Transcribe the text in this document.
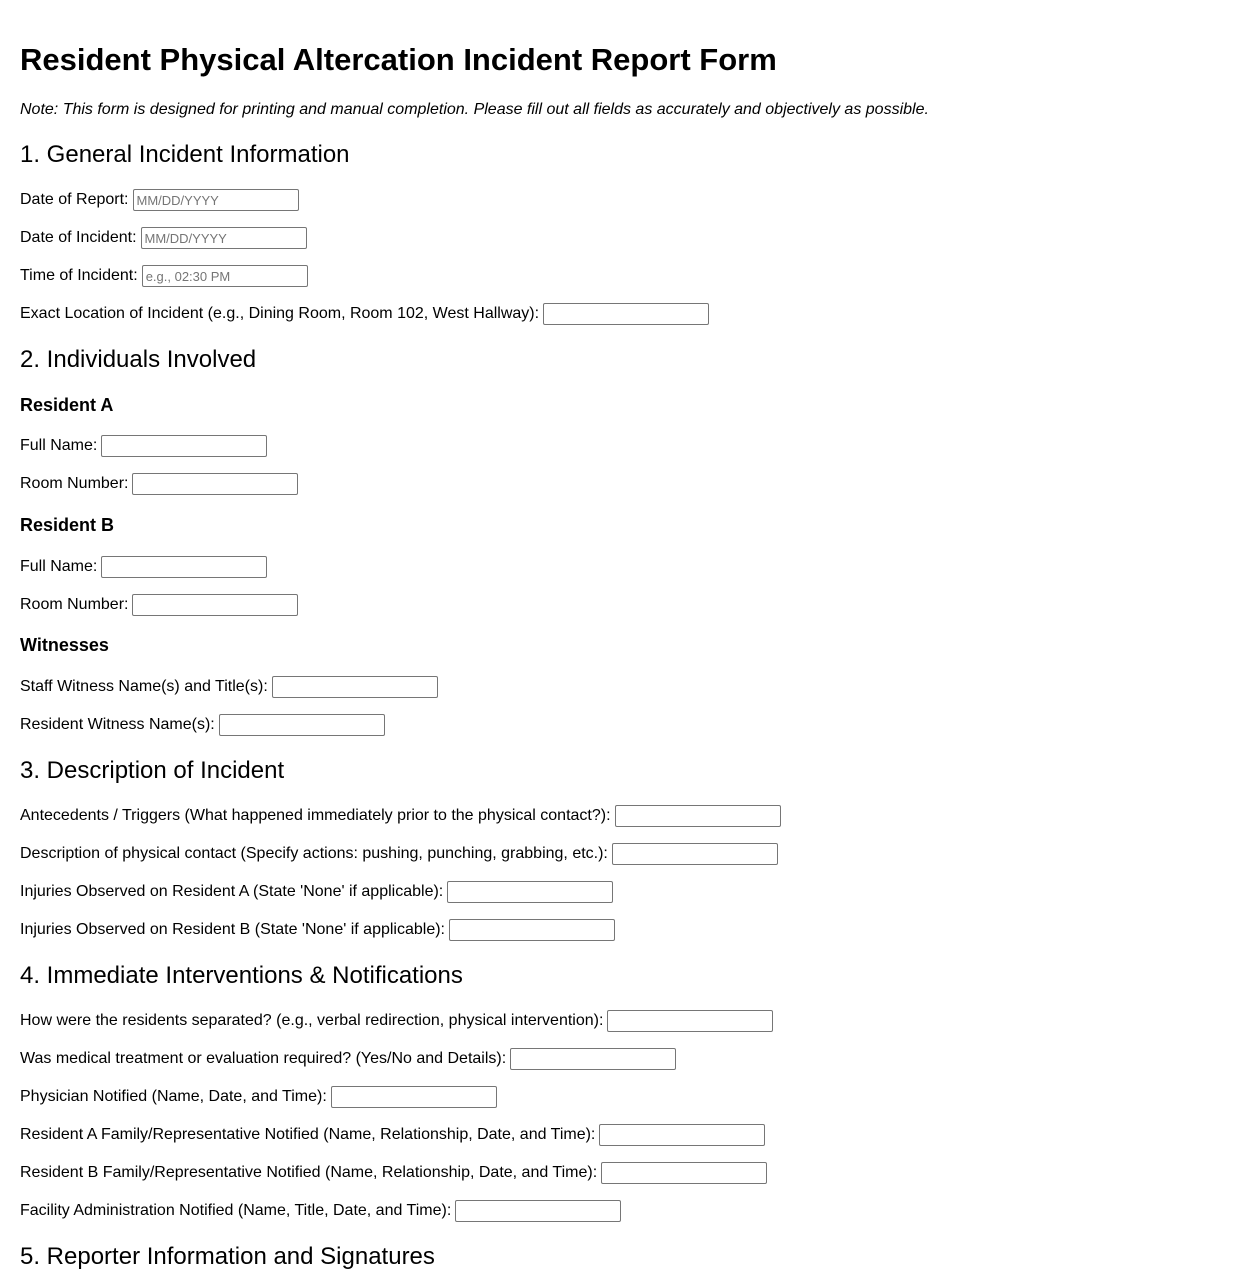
Resident Physical Altercation Incident Report Form

Note: This form is designed for printing and manual completion. Please fill out all fields as accurately and objectively as possible.

1. General Incident Information
Date of Report:
MM/DD/YYYY
Date of Incident:
MM/DD/YYYY
Time of Incident:
e.g., 02:30 PM
Exact Location of Incident (e.g., Dining Room, Room 102, West Hallway):
2. Individuals Involved
Resident A
Full Name:
Room Number:
Resident B
Full Name:
Room Number:
Witnesses
Staff Witness Name(s) and Title(s):
Resident Witness Name(s):
3. Description of Incident
Antecedents / Triggers (What happened immediately prior to the physical contact?):
Description of physical contact (Specify actions: pushing, punching, grabbing, etc.):
Injuries Observed on Resident A (State 'None' if applicable):
Injuries Observed on Resident B (State 'None' if applicable):
4. Immediate Interventions & Notifications
How were the residents separated? (e.g., verbal redirection, physical intervention):
Was medical treatment or evaluation required? (Yes/No and Details):
Physician Notified (Name, Date, and Time):
Resident A Family/Representative Notified (Name, Relationship, Date, and Time):
Resident B Family/Representative Notified (Name, Relationship, Date, and Time):
Facility Administration Notified (Name, Title, Date, and Time):
5. Reporter Information and Signatures
